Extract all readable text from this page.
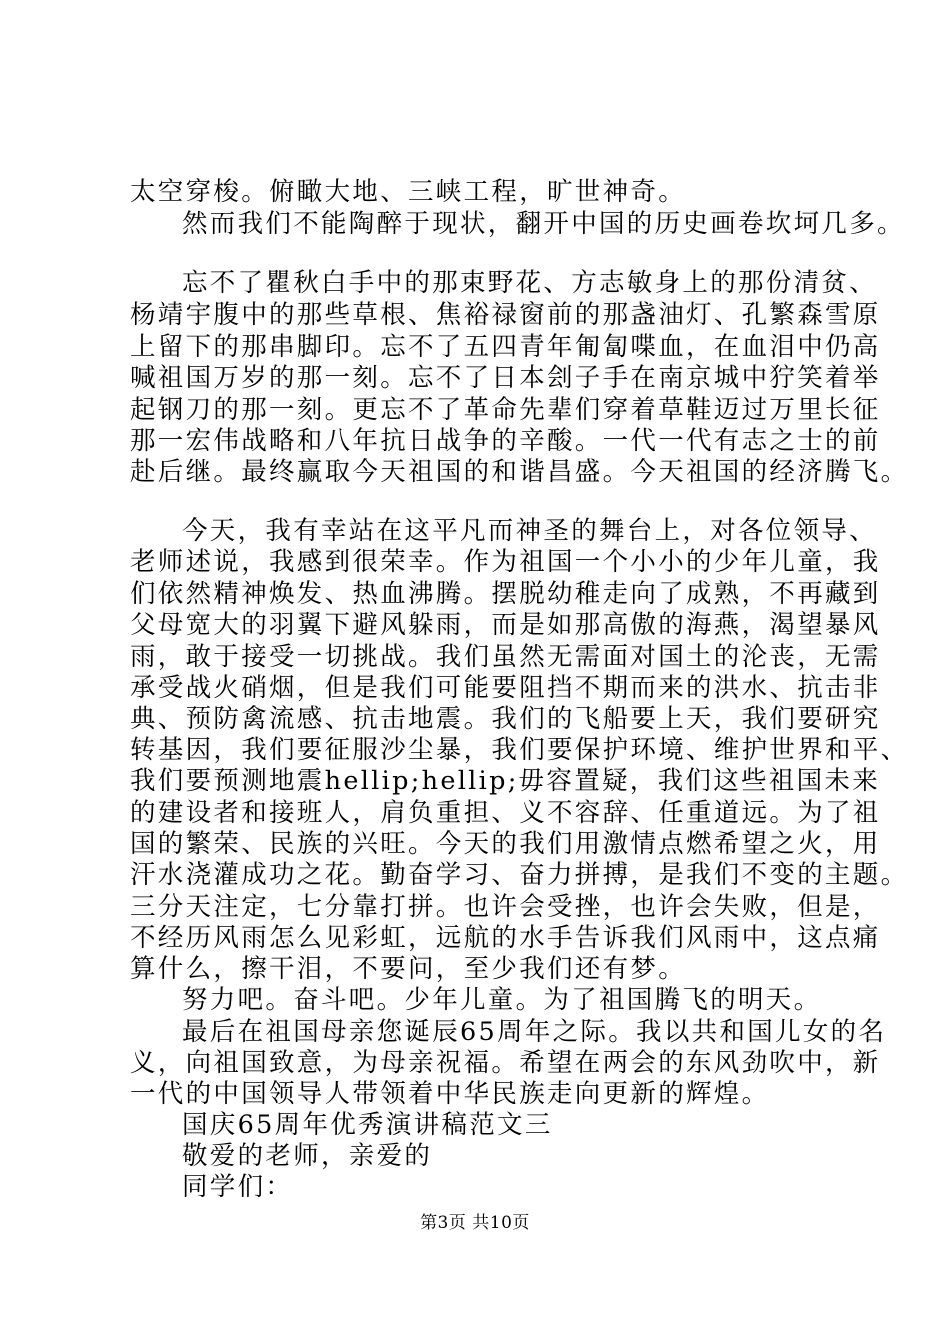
太空穿梭。俯瞰大地、三峡工程，旷世神奇。
然而我们不能陶醉于现状，翻开中国的历史画卷坎坷几多。
忘不了瞿秋白手中的那束野花、方志敏身上的那份清贫、
杨靖宇腹中的那些草根、焦裕禄窗前的那盏油灯、孔繁森雪原
上留下的那串脚印。忘不了五四青年匍匐喋血，在血泪中仍高
喊祖国万岁的那一刻。忘不了日本刽子手在南京城中狞笑着举
起钢刀的那一刻。更忘不了革命先辈们穿着草鞋迈过万里长征
那一宏伟战略和八年抗日战争的辛酸。一代一代有志之士的前
赴后继。最终赢取今天祖国的和谐昌盛。今天祖国的经济腾飞。
今天，我有幸站在这平凡而神圣的舞台上，对各位领导、
老师述说，我感到很荣幸。作为祖国一个小小的少年儿童，我
们依然精神焕发、热血沸腾。摆脱幼稚走向了成熟，不再藏到
父母宽大的羽翼下避风躲雨，而是如那高傲的海燕，渴望暴风
雨，敢于接受一切挑战。我们虽然无需面对国土的沦丧，无需
承受战火硝烟，但是我们可能要阻挡不期而来的洪水、抗击非
典、预防禽流感、抗击地震。我们的飞船要上天，我们要研究
转基因，我们要征服沙尘暴，我们要保护环境、维护世界和平、
我们要预测地震hellip;hellip;毋容置疑，我们这些祖国未来
的建设者和接班人，肩负重担、义不容辞、任重道远。为了祖
国的繁荣、民族的兴旺。今天的我们用激情点燃希望之火，用
汗水浇灌成功之花。勤奋学习、奋力拼搏，是我们不变的主题。
三分天注定，七分靠打拼。也许会受挫，也许会失败，但是，
不经历风雨怎么见彩虹，远航的水手告诉我们风雨中，这点痛
算什么，擦干泪，不要问，至少我们还有梦。
努力吧。奋斗吧。少年儿童。为了祖国腾飞的明天。
最后在祖国母亲您诞辰65周年之际。我以共和国儿女的名
义，向祖国致意，为母亲祝福。希望在两会的东风劲吹中，新
一代的中国领导人带领着中华民族走向更新的辉煌。
国庆65周年优秀演讲稿范文三
敬爱的老师，亲爱的
同学们：
第3页 共10页
